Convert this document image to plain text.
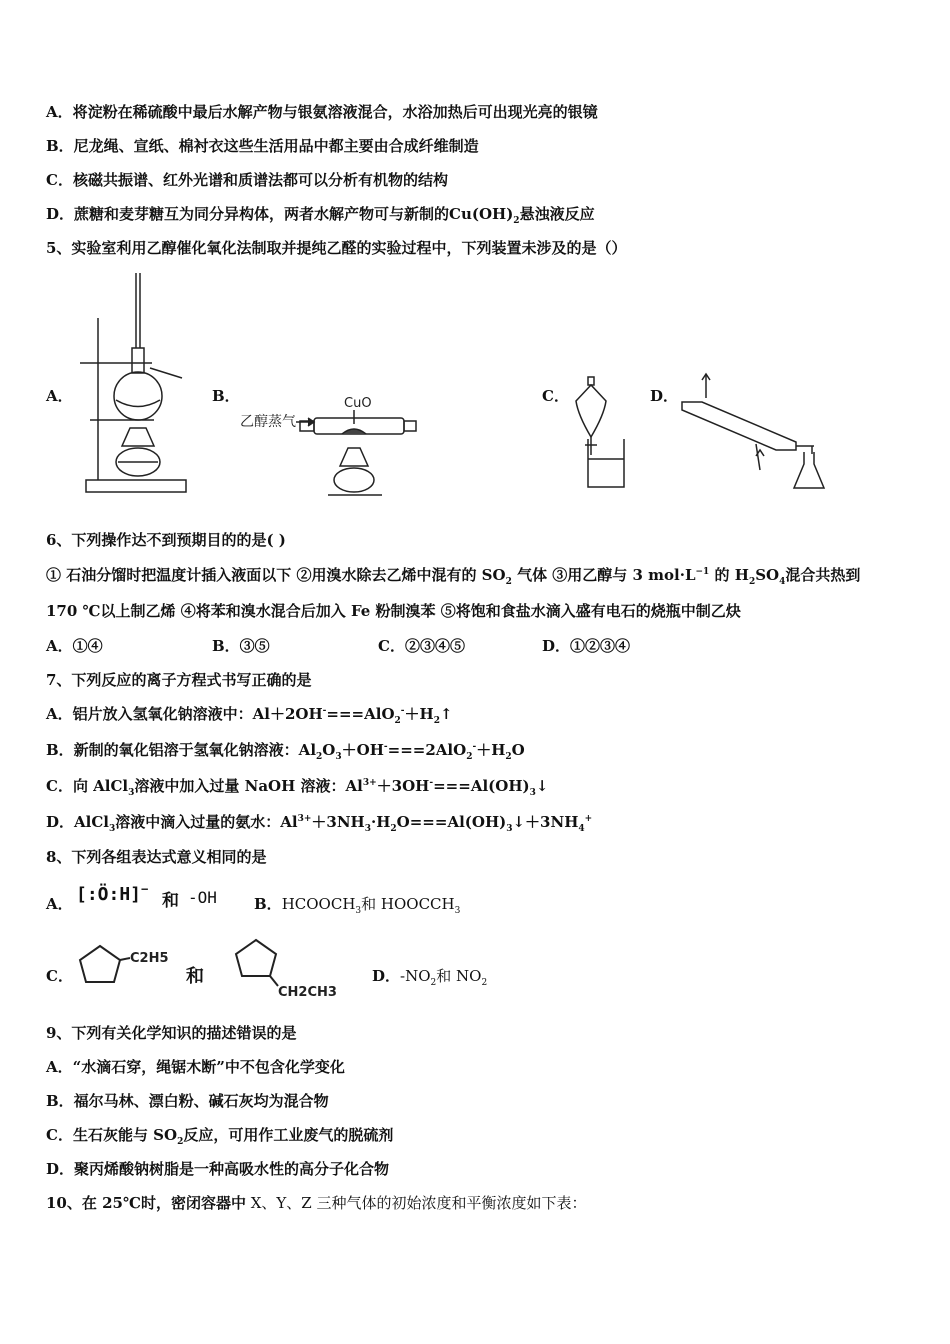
A．将淀粉在稀硫酸中最后水解产物与银氨溶液混合，水浴加热后可出现光亮的银镜
B．尼龙绳、宣纸、棉衬衣这些生活用品中都主要由合成纤维制造
C．核磁共振谱、红外光谱和质谱法都可以分析有机物的结构
D．蔗糖和麦芽糖互为同分异构体，两者水解产物可与新制的$Cu(OH)_2$悬浊液反应
5、实验室利用乙醇催化氧化法制取并提纯乙醛的实验过程中，下列装置未涉及的是（）
A．	B．
乙醇蒸气
CuO	C．	D．
6、下列操作达不到预期目的的是( )
① 石油分馏时把温度计插入液面以下 ②用溴水除去乙烯中混有的 $SO_2$ 气体 ③用乙醇与 3 $mol\cdot L^{-1}$ 的 $H_2SO_4$混合共热到
170 ℃以上制乙烯 ④将苯和溴水混合后加入 Fe 粉制溴苯 ⑤将饱和食盐水滴入盛有电石的烧瓶中制乙炔
A．①④	B．③⑤	C．②③④⑤	D．①②③④
7、下列反应的离子方程式书写正确的是
A．铝片放入氢氧化钠溶液中：$Al+2OH^-===AlO_2^-+H_2↑$
B．新制的氧化铝溶于氢氧化钠溶液：$Al_2O_3+OH^-===2AlO_2^-+H_2O$
C．向 AlCl$_3$溶液中加入过量 NaOH 溶液：$Al^{3+}+3OH^-===Al(OH)_3↓$
D．AlCl$_3$溶液中滴入过量的氨水：$Al^{3+}+3NH_3\cdot H_2O===Al(OH)_3↓+3NH_4^+$
8、下列各组表达式意义相同的是
A． [:Ö:H]−
和 -OH B．$HCOOCH_3$和 $HOOCCH_3$
C．
C2H5
和
CH2CH3
D．$-NO_2$和 $NO_2$
9、下列有关化学知识的描述错误的是
A．“水滴石穿，绳锯木断”中不包含化学变化
B．福尔马林、漂白粉、碱石灰均为混合物
C．生石灰能与 $SO_2$反应，可用作工业废气的脱硫剂
D．聚丙烯酸钠树脂是一种高吸水性的高分子化合物
10、在 25℃时，密闭容器中 X、Y、Z 三种气体的初始浓度和平衡浓度如下表：
